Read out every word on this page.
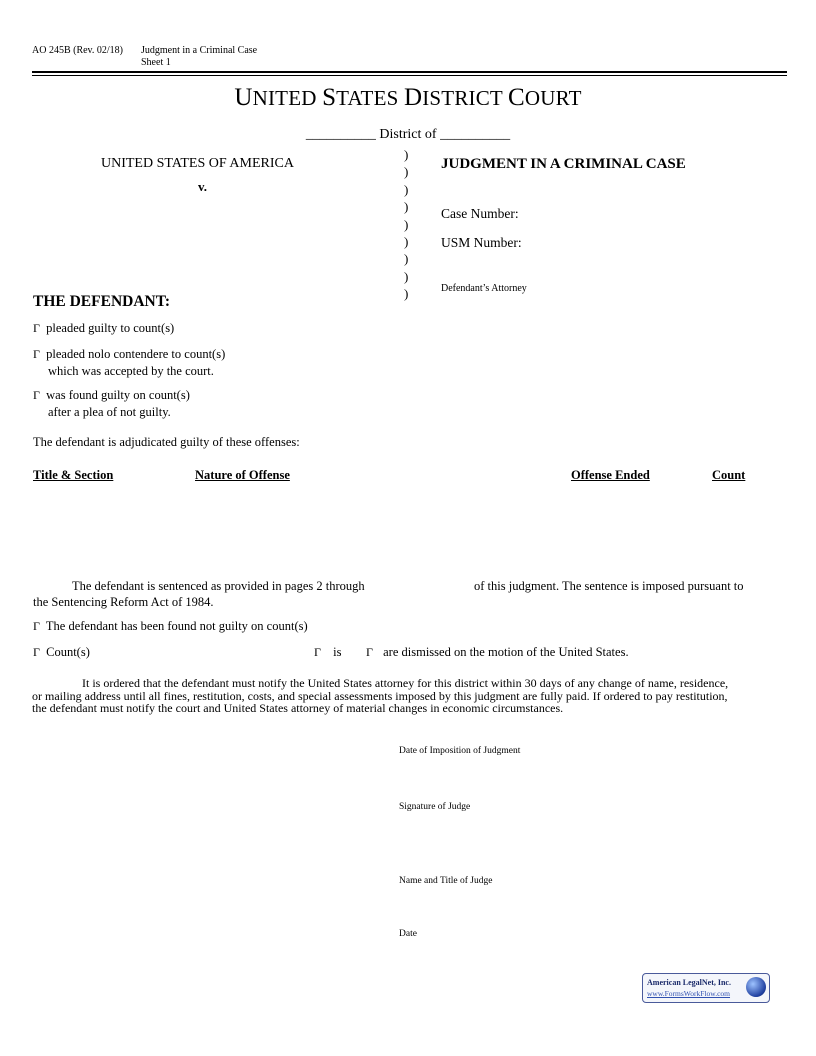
AO 245B (Rev. 02/18) Judgment in a Criminal Case
Sheet 1
UNITED STATES DISTRICT COURT
__________ District of __________
UNITED STATES OF AMERICA
v.
)
)
)
)
)
)
)
)
)
JUDGMENT IN A CRIMINAL CASE
Case Number:
USM Number:
Defendant’s Attorney
THE DEFENDANT:
Γ pleaded guilty to count(s)
Γ pleaded nolo contendere to count(s)
which was accepted by the court.
Γ was found guilty on count(s)
after a plea of not guilty.
The defendant is adjudicated guilty of these offenses:
Title & Section	Nature of Offense	Offense Ended	Count
The defendant is sentenced as provided in pages 2 through	of this judgment. The sentence is imposed pursuant to
the Sentencing Reform Act of 1984.
Γ The defendant has been found not guilty on count(s)
Γ Count(s)	Γ is Γ are dismissed on the motion of the United States.
It is ordered that the defendant must notify the United States attorney for this district within 30 days of any change of name, residence,
or mailing address until all fines, restitution, costs, and special assessments imposed by this judgment are fully paid. If ordered to pay restitution,
the defendant must notify the court and United States attorney of material changes in economic circumstances.
Date of Imposition of Judgment
Signature of Judge
Name and Title of Judge
Date
American LegalNet, Inc.
www.FormsWorkFlow.com
